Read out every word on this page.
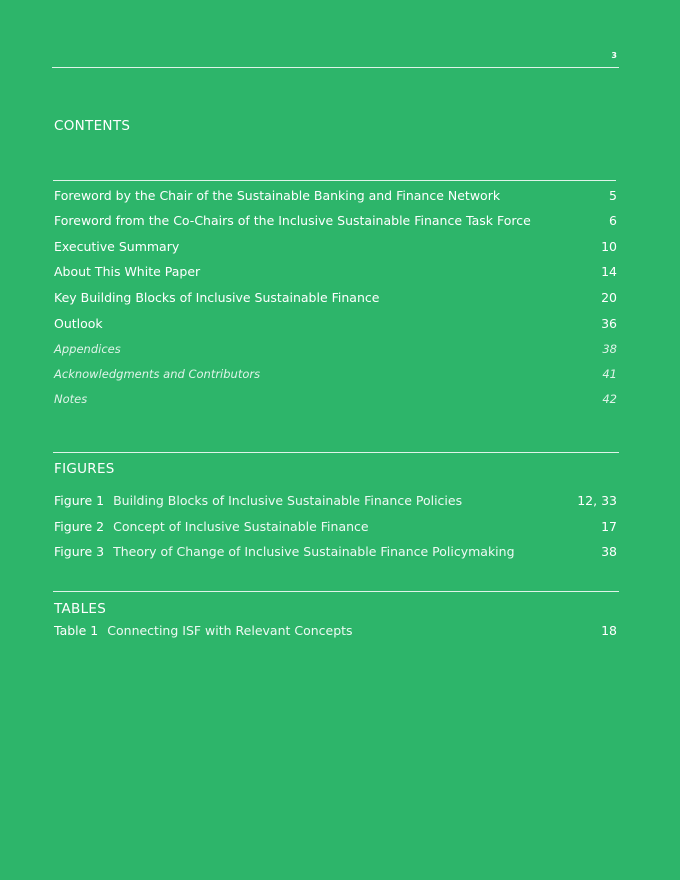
3
CONTENTS
Foreword by the Chair of the Sustainable Banking and Finance Network	5
Foreword from the Co-Chairs of the Inclusive Sustainable Finance Task Force	6
Executive Summary	10
About This White Paper	14
Key Building Blocks of Inclusive Sustainable Finance	20
Outlook	36
Appendices	38
Acknowledgments and Contributors	41
Notes	42
FIGURES
Figure 1 Building Blocks of Inclusive Sustainable Finance Policies	12, 33
Figure 2 Concept of Inclusive Sustainable Finance	17
Figure 3 Theory of Change of Inclusive Sustainable Finance Policymaking	38
TABLES
Table 1 Connecting ISF with Relevant Concepts	18
